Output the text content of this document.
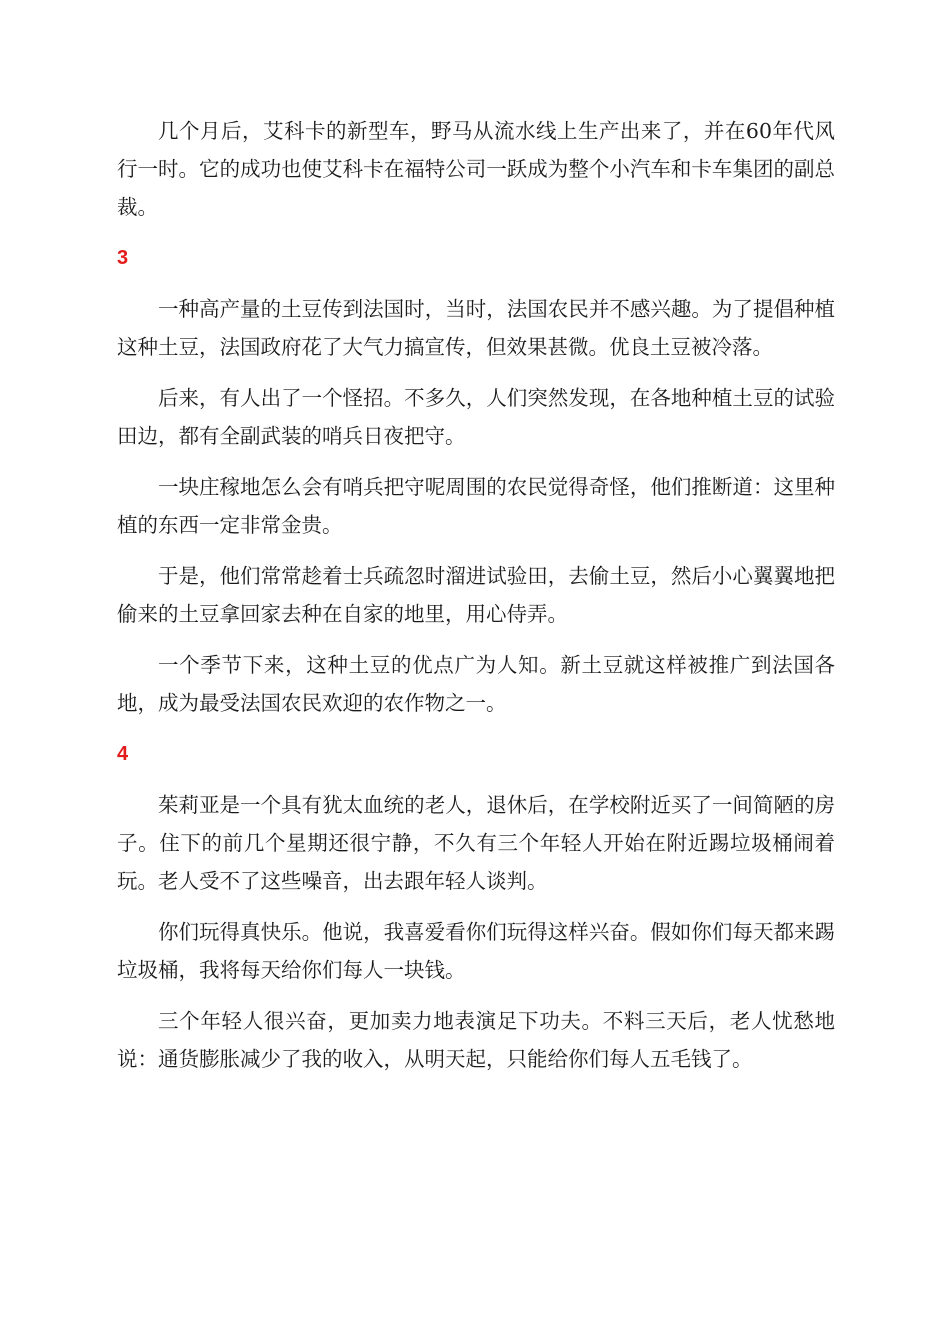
几个月后，艾科卡的新型车，野马从流水线上生产出来了，并在60年代风行一时。它的成功也使艾科卡在福特公司一跃成为整个小汽车和卡车集团的副总裁。

3

一种高产量的土豆传到法国时，当时，法国农民并不感兴趣。为了提倡种植这种土豆，法国政府花了大气力搞宣传，但效果甚微。优良土豆被冷落。

后来，有人出了一个怪招。不多久，人们突然发现，在各地种植土豆的试验田边，都有全副武装的哨兵日夜把守。

一块庄稼地怎么会有哨兵把守呢周围的农民觉得奇怪，他们推断道：这里种植的东西一定非常金贵。

于是，他们常常趁着士兵疏忽时溜进试验田，去偷土豆，然后小心翼翼地把偷来的土豆拿回家去种在自家的地里，用心侍弄。

一个季节下来，这种土豆的优点广为人知。新土豆就这样被推广到法国各地，成为最受法国农民欢迎的农作物之一。

4

茱莉亚是一个具有犹太血统的老人，退休后，在学校附近买了一间简陋的房子。住下的前几个星期还很宁静，不久有三个年轻人开始在附近踢垃圾桶闹着玩。老人受不了这些噪音，出去跟年轻人谈判。

你们玩得真快乐。他说，我喜爱看你们玩得这样兴奋。假如你们每天都来踢垃圾桶，我将每天给你们每人一块钱。

三个年轻人很兴奋，更加卖力地表演足下功夫。不料三天后，老人忧愁地说：通货膨胀减少了我的收入，从明天起，只能给你们每人五毛钱了。
